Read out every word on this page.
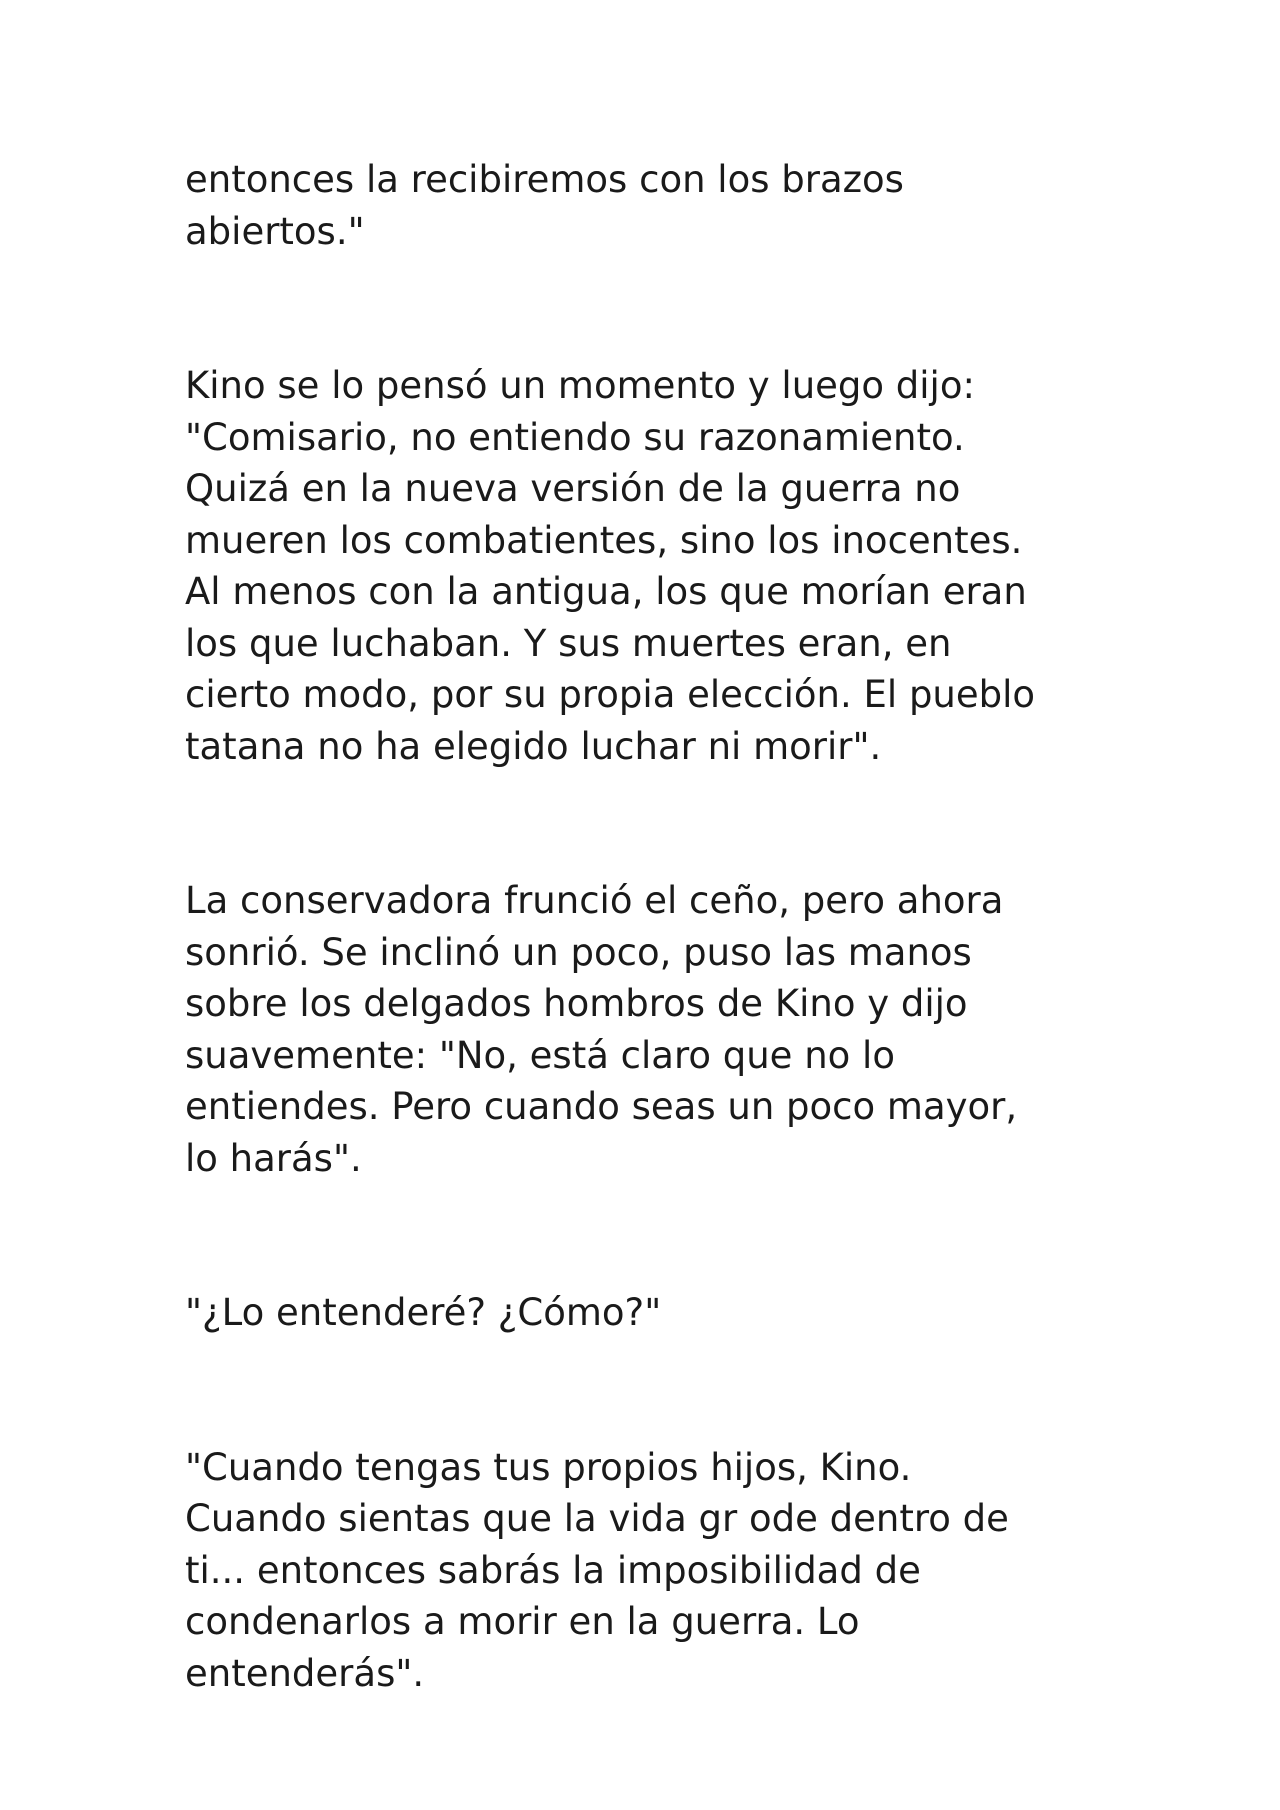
entonces la recibiremos con los brazos
abiertos."

Kino se lo pensó un momento y luego dijo:
"Comisario, no entiendo su razonamiento.
Quizá en la nueva versión de la guerra no
mueren los combatientes, sino los inocentes.
Al menos con la antigua, los que morían eran
los que luchaban. Y sus muertes eran, en
cierto modo, por su propia elección. El pueblo
tatana no ha elegido luchar ni morir".

La conservadora frunció el ceño, pero ahora
sonrió. Se inclinó un poco, puso las manos
sobre los delgados hombros de Kino y dijo
suavemente: "No, está claro que no lo
entiendes. Pero cuando seas un poco mayor,
lo harás".

"¿Lo entenderé? ¿Cómo?"

"Cuando tengas tus propios hijos, Kino.
Cuando sientas que la vida gr ode dentro de
ti... entonces sabrás la imposibilidad de
condenarlos a morir en la guerra. Lo
entenderás".
